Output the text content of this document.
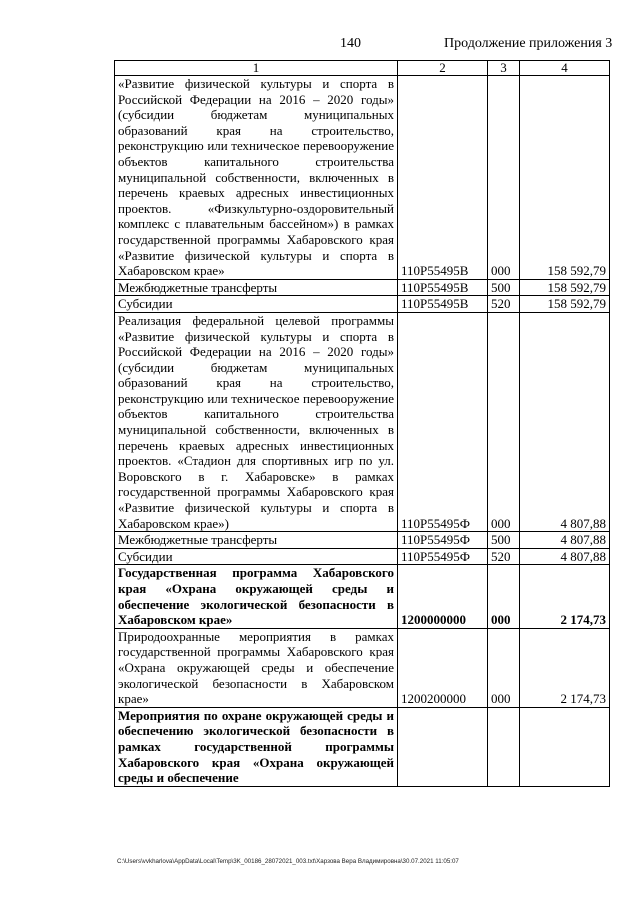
140	Продолжение приложения 3
1	2	3	4
«Развитие физической культуры и спорта в Российской Федерации на 2016 – 2020 годы» (субсидии бюджетам муниципальных образований края на строительство, реконструкцию или техническое перевооружение объектов капитального строительства муниципальной собственности, включенных в перечень краевых адресных инвестиционных проектов. «Физкультурно-оздоровительный комплекс с плавательным бассейном») в рамках государственной программы Хабаровского края «Развитие физической культуры и спорта в Хабаровском крае»	110P55495B	000	158 592,79
Межбюджетные трансферты	110P55495B	500	158 592,79
Субсидии	110P55495B	520	158 592,79
Реализация федеральной целевой программы «Развитие физической культуры и спорта в Российской Федерации на 2016 – 2020 годы» (субсидии бюджетам муниципальных образований края на строительство, реконструкцию или техническое перевооружение объектов капитального строительства муниципальной собственности, включенных в перечень краевых адресных инвестиционных проектов. «Стадион для спортивных игр по ул. Воровского в г. Хабаровске» в рамках государственной программы Хабаровского края «Развитие физической культуры и спорта в Хабаровском крае»)	110P55495Ф	000	4 807,88
Межбюджетные трансферты	110P55495Ф	500	4 807,88
Субсидии	110P55495Ф	520	4 807,88
Государственная программа Хабаровского края «Охрана окружающей среды и обеспечение экологической безопасности в Хабаровском крае»	1200000000	000	2 174,73
Природоохранные мероприятия в рамках государственной программы Хабаровского края «Охрана окружающей среды и обеспечение экологической безопасности в Хабаровском крае»	1200200000	000	2 174,73
Мероприятия по охране окружающей среды и обеспечению экологической безопасности в рамках государственной программы Хабаровского края «Охрана окружающей среды и обеспечение			
C:\Users\vvkharlova\AppData\Local\Temp\3K_00186_28072021_003.txt\Харзова Вера Владимировна\30.07.2021 11:05:07
